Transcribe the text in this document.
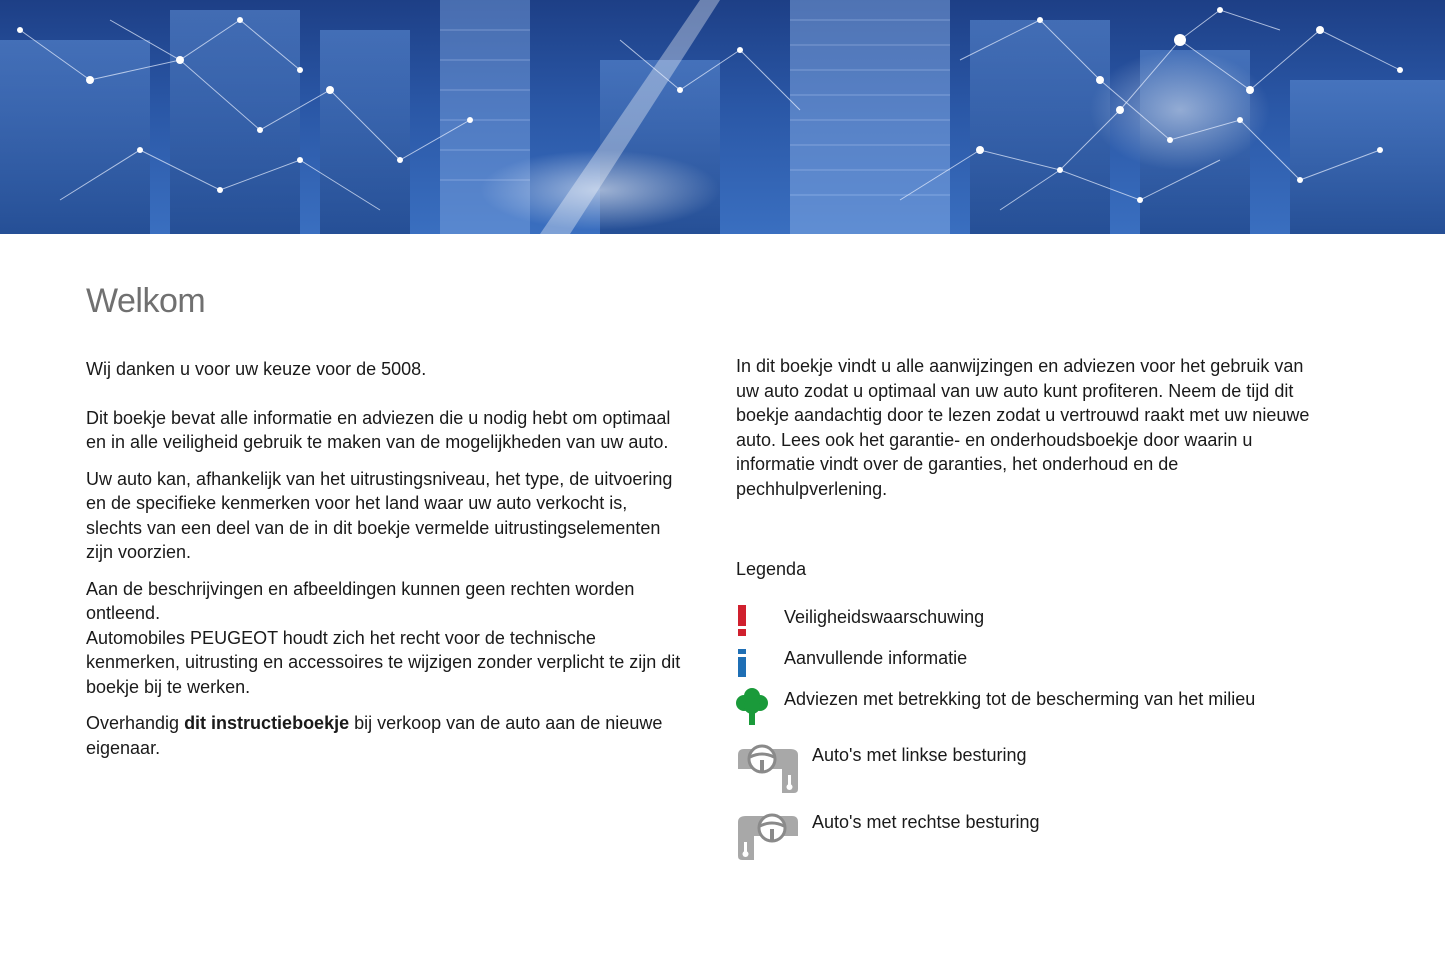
Welkom

Wij danken u voor uw keuze voor de 5008.

Dit boekje bevat alle informatie en adviezen die u nodig hebt om optimaal en in alle veiligheid gebruik te maken van de mogelijkheden van uw auto.

Uw auto kan, afhankelijk van het uitrustingsniveau, het type, de uitvoering en de specifieke kenmerken voor het land waar uw auto verkocht is, slechts van een deel van de in dit boekje vermelde uitrustingselementen zijn voorzien.

Aan de beschrijvingen en afbeeldingen kunnen geen rechten worden ontleend.

Automobiles PEUGEOT houdt zich het recht voor de technische kenmerken, uitrusting en accessoires te wijzigen zonder verplicht te zijn dit boekje bij te werken.

Overhandig dit instructieboekje bij verkoop van de auto aan de nieuwe eigenaar.

In dit boekje vindt u alle aanwijzingen en adviezen voor het gebruik van uw auto zodat u optimaal van uw auto kunt profiteren. Neem de tijd dit boekje aandachtig door te lezen zodat u vertrouwd raakt met uw nieuwe auto. Lees ook het garantie- en onderhoudsboekje door waarin u informatie vindt over de garanties, het onderhoud en de pechhulpverlening.

Legenda
Veiligheidswaarschuwing
Aanvullende informatie
Adviezen met betrekking tot de bescherming van het milieu
Auto's met linkse besturing
Auto's met rechtse besturing
